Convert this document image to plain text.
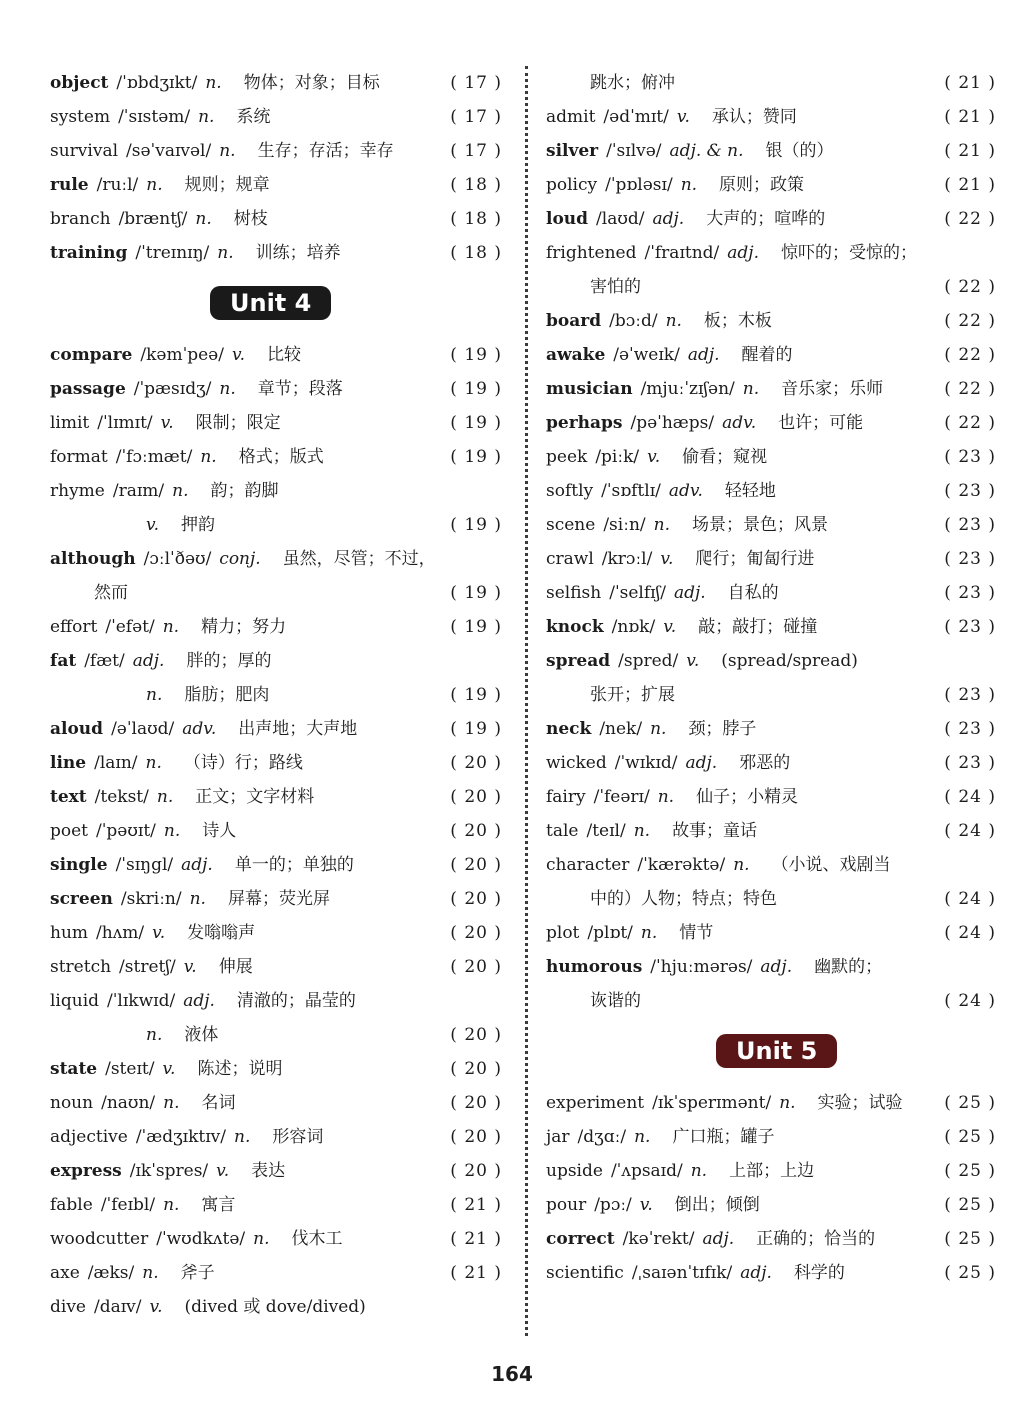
object /ˈɒbdʒɪkt/ n. 物体；对象；目标	( 17 )
system /ˈsɪstəm/ n. 系统	( 17 )
survival /səˈvaɪvəl/ n. 生存；存活；幸存	( 17 )
rule /ruːl/ n. 规则；规章	( 18 )
branch /bræntʃ/ n. 树枝	( 18 )
training /ˈtreɪnɪŋ/ n. 训练；培养	( 18 )
Unit 4
compare /kəmˈpeə/ v. 比较	( 19 )
passage /ˈpæsɪdʒ/ n. 章节；段落	( 19 )
limit /ˈlɪmɪt/ v. 限制；限定	( 19 )
format /ˈfɔːmæt/ n. 格式；版式	( 19 )
rhyme /raɪm/ n. 韵；韵脚
v. 押韵	( 19 )
although /ɔːlˈðəʊ/ conj. 虽然，尽管；不过，
然而	( 19 )
effort /ˈefət/ n. 精力；努力	( 19 )
fat /fæt/ adj. 胖的；厚的
n. 脂肪；肥肉	( 19 )
aloud /əˈlaʊd/ adv. 出声地；大声地	( 19 )
line /laɪn/ n. （诗）行；路线	( 20 )
text /tekst/ n. 正文；文字材料	( 20 )
poet /ˈpəʊɪt/ n. 诗人	( 20 )
single /ˈsɪŋgl/ adj. 单一的；单独的	( 20 )
screen /skriːn/ n. 屏幕；荧光屏	( 20 )
hum /hʌm/ v. 发嗡嗡声	( 20 )
stretch /stretʃ/ v. 伸展	( 20 )
liquid /ˈlɪkwɪd/ adj. 清澈的；晶莹的
n. 液体	( 20 )
state /steɪt/ v. 陈述；说明	( 20 )
noun /naʊn/ n. 名词	( 20 )
adjective /ˈædʒɪktɪv/ n. 形容词	( 20 )
express /ɪkˈspres/ v. 表达	( 20 )
fable /ˈfeɪbl/ n. 寓言	( 21 )
woodcutter /ˈwʊdkʌtə/ n. 伐木工	( 21 )
axe /æks/ n. 斧子	( 21 )
dive /daɪv/ v. (dived 或 dove/dived)
跳水；俯冲	( 21 )
admit /ədˈmɪt/ v. 承认；赞同	( 21 )
silver /ˈsɪlvə/ adj. & n. 银（的）	( 21 )
policy /ˈpɒləsɪ/ n. 原则；政策	( 21 )
loud /laʊd/ adj. 大声的；喧哗的	( 22 )
frightened /ˈfraɪtnd/ adj. 惊吓的；受惊的；
害怕的	( 22 )
board /bɔːd/ n. 板；木板	( 22 )
awake /əˈweɪk/ adj. 醒着的	( 22 )
musician /mjuːˈzɪʃən/ n. 音乐家；乐师	( 22 )
perhaps /pəˈhæps/ adv. 也许；可能	( 22 )
peek /piːk/ v. 偷看；窥视	( 23 )
softly /ˈsɒftlɪ/ adv. 轻轻地	( 23 )
scene /siːn/ n. 场景；景色；风景	( 23 )
crawl /krɔːl/ v. 爬行；匍匐行进	( 23 )
selfish /ˈselfɪʃ/ adj. 自私的	( 23 )
knock /nɒk/ v. 敲；敲打；碰撞	( 23 )
spread /spred/ v. (spread/spread)
张开；扩展	( 23 )
neck /nek/ n. 颈；脖子	( 23 )
wicked /ˈwɪkɪd/ adj. 邪恶的	( 23 )
fairy /ˈfeərɪ/ n. 仙子；小精灵	( 24 )
tale /teɪl/ n. 故事；童话	( 24 )
character /ˈkærəktə/ n. （小说、戏剧当
中的）人物；特点；特色	( 24 )
plot /plɒt/ n. 情节	( 24 )
humorous /ˈhjuːmərəs/ adj. 幽默的；
诙谐的	( 24 )
Unit 5
experiment /ɪkˈsperɪmənt/ n. 实验；试验 ( 25 )
jar /dʒɑː/ n. 广口瓶；罐子	( 25 )
upside /ˈʌpsaɪd/ n. 上部；上边	( 25 )
pour /pɔː/ v. 倒出；倾倒	( 25 )
correct /kəˈrekt/ adj. 正确的；恰当的	( 25 )
scientific /ˌsaɪənˈtɪfɪk/ adj. 科学的	( 25 )
164
